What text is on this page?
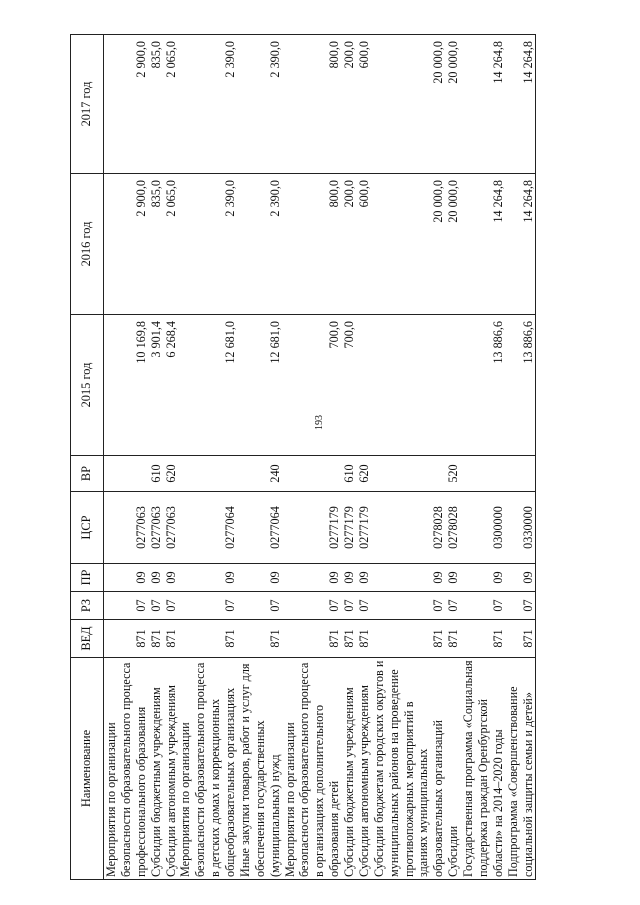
193
Наименование	ВЕД	РЗ	ПР	ЦСР	ВР	2015 год	2016 год	2017 год
Мероприятия по организации безопасности образовательного процесса профессионального образования	871	07	09	0277063		10 169,8	2 900,0	2 900,0
Субсидии бюджетным учреждениям	871	07	09	0277063	610	3 901,4	835,0	835,0
Субсидии автономным учреждениям	871	07	09	0277063	620	6 268,4	2 065,0	2 065,0
Мероприятия по организации безопасности образовательного процесса в детских домах и коррекционных общеобразовательных организациях	871	07	09	0277064		12 681,0	2 390,0	2 390,0
Иные закупки товаров, работ и услуг для обеспечения государственных (муниципальных) нужд	871	07	09	0277064	240	12 681,0	2 390,0	2 390,0
Мероприятия по организации безопасности образовательного процесса в организациях дополнительного образования детей	871	07	09	0277179		700,0	800,0	800,0
Субсидии бюджетным учреждениям	871	07	09	0277179	610	700,0	200,0	200,0
Субсидии автономным учреждениям	871	07	09	0277179	620		600,0	600,0
Субсидии бюджетам городских округов и муниципальных районов на проведение противопожарных мероприятий в зданиях муниципальных образовательных организаций	871	07	09	0278028			20 000,0	20 000,0
Субсидии	871	07	09	0278028	520		20 000,0	20 000,0
Государственная программа «Социальная поддержка граждан Оренбургской области» на 2014–2020 годы	871	07	09	0300000		13 886,6	14 264,8	14 264,8
Подпрограмма «Совершенствование социальной защиты семьи и детей»	871	07	09	0330000		13 886,6	14 264,8	14 264,8
